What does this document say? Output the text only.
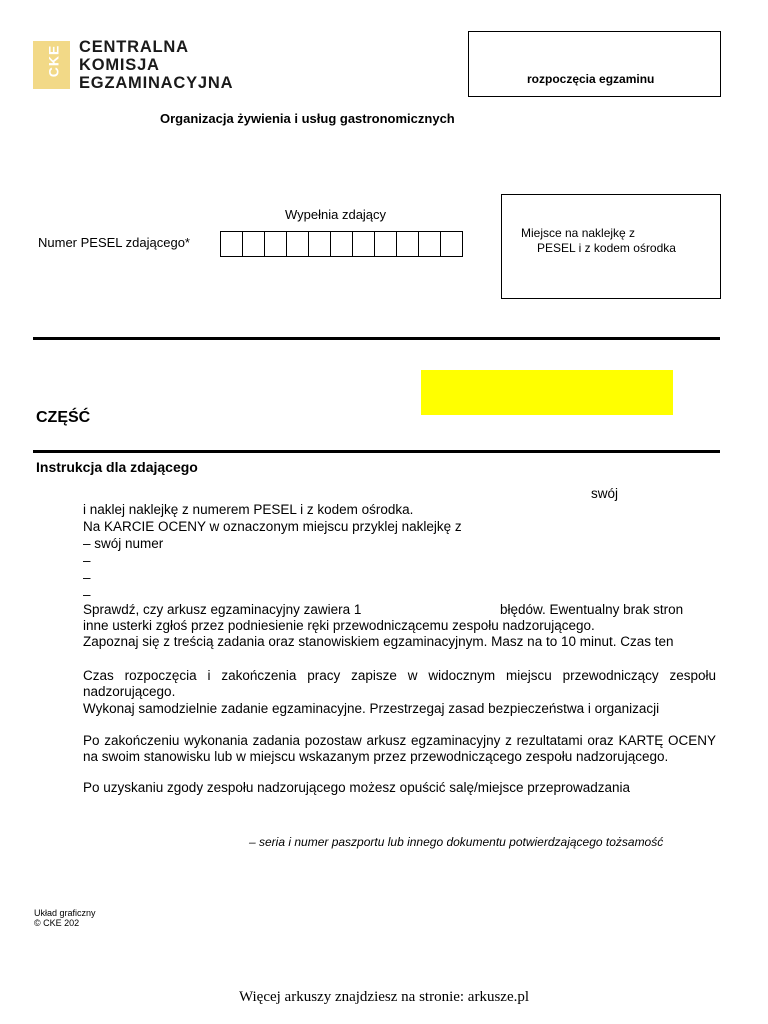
CKE CENTRALNA
KOMISJA
EGZAMINACYJNA	rozpoczęcia egzaminu
Organizacja żywienia i usług gastronomicznych
Wypełnia zdający
Numer PESEL zdającego*
Miejsce na naklejkę z
PESEL i z kodem ośrodka
CZĘŚĆ
Instrukcja dla zdającego
swój
i naklej naklejkę z numerem PESEL i z kodem ośrodka.
Na KARCIE OCENY w oznaczonym miejscu przyklej naklejkę z
– swój numer
–
–
–
Sprawdź, czy arkusz egzaminacyjny zawiera 1	błędów. Ewentualny brak stron
inne usterki zgłoś przez podniesienie ręki przewodniczącemu zespołu nadzorującego.
Zapoznaj się z treścią zadania oraz stanowiskiem egzaminacyjnym. Masz na to 10 minut. Czas ten
Czas rozpoczęcia i zakończenia pracy zapisze w widocznym miejscu przewodniczący zespołu nadzorującego.
Wykonaj samodzielnie zadanie egzaminacyjne. Przestrzegaj zasad bezpieczeństwa i organizacji
Po zakończeniu wykonania zadania pozostaw arkusz egzaminacyjny z rezultatami oraz KARTĘ OCENY na swoim stanowisku lub w miejscu wskazanym przez przewodniczącego zespołu nadzorującego.
Po uzyskaniu zgody zespołu nadzorującego możesz opuścić salę/miejsce przeprowadzania
– seria i numer paszportu lub innego dokumentu potwierdzającego tożsamość
Układ graficzny
© CKE 202
Więcej arkuszy znajdziesz na stronie: arkusze.pl
